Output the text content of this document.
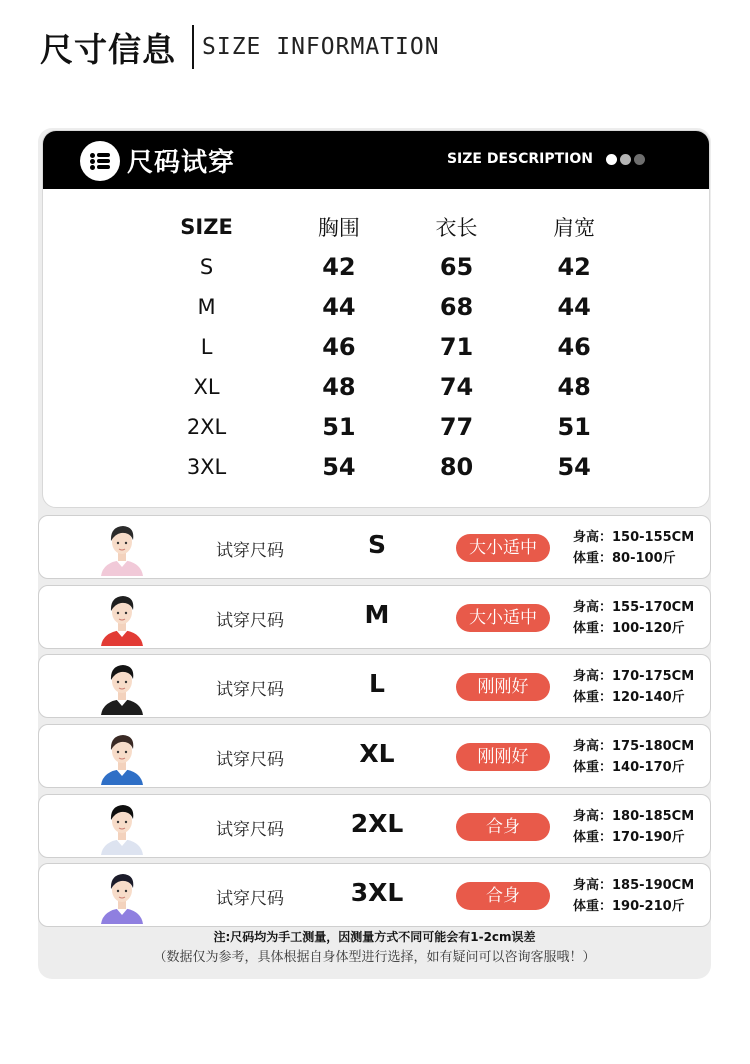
尺寸信息 SIZE INFORMATION
尺码试穿	SIZE DESCRIPTION
SIZE	胸围	衣长	肩宽
S	42	65	42
M	44	68	44
L	46	71	46
XL	48	74	48
2XL	51	77	51
3XL	54	80	54
试穿尺码	S	大小适中
身高：150-155CM
体重：80-100斤
试穿尺码	M	大小适中
身高：155-170CM
体重：100-120斤
试穿尺码	L	刚刚好
身高：170-175CM
体重：120-140斤
试穿尺码	XL	刚刚好
身高：175-180CM
体重：140-170斤
试穿尺码	2XL	合身
身高：180-185CM
体重：170-190斤
试穿尺码	3XL	合身
身高：185-190CM
体重：190-210斤
注:尺码均为手工测量，因测量方式不同可能会有1-2cm误差
（数据仅为参考，具体根据自身体型进行选择，如有疑问可以咨询客服哦！）
